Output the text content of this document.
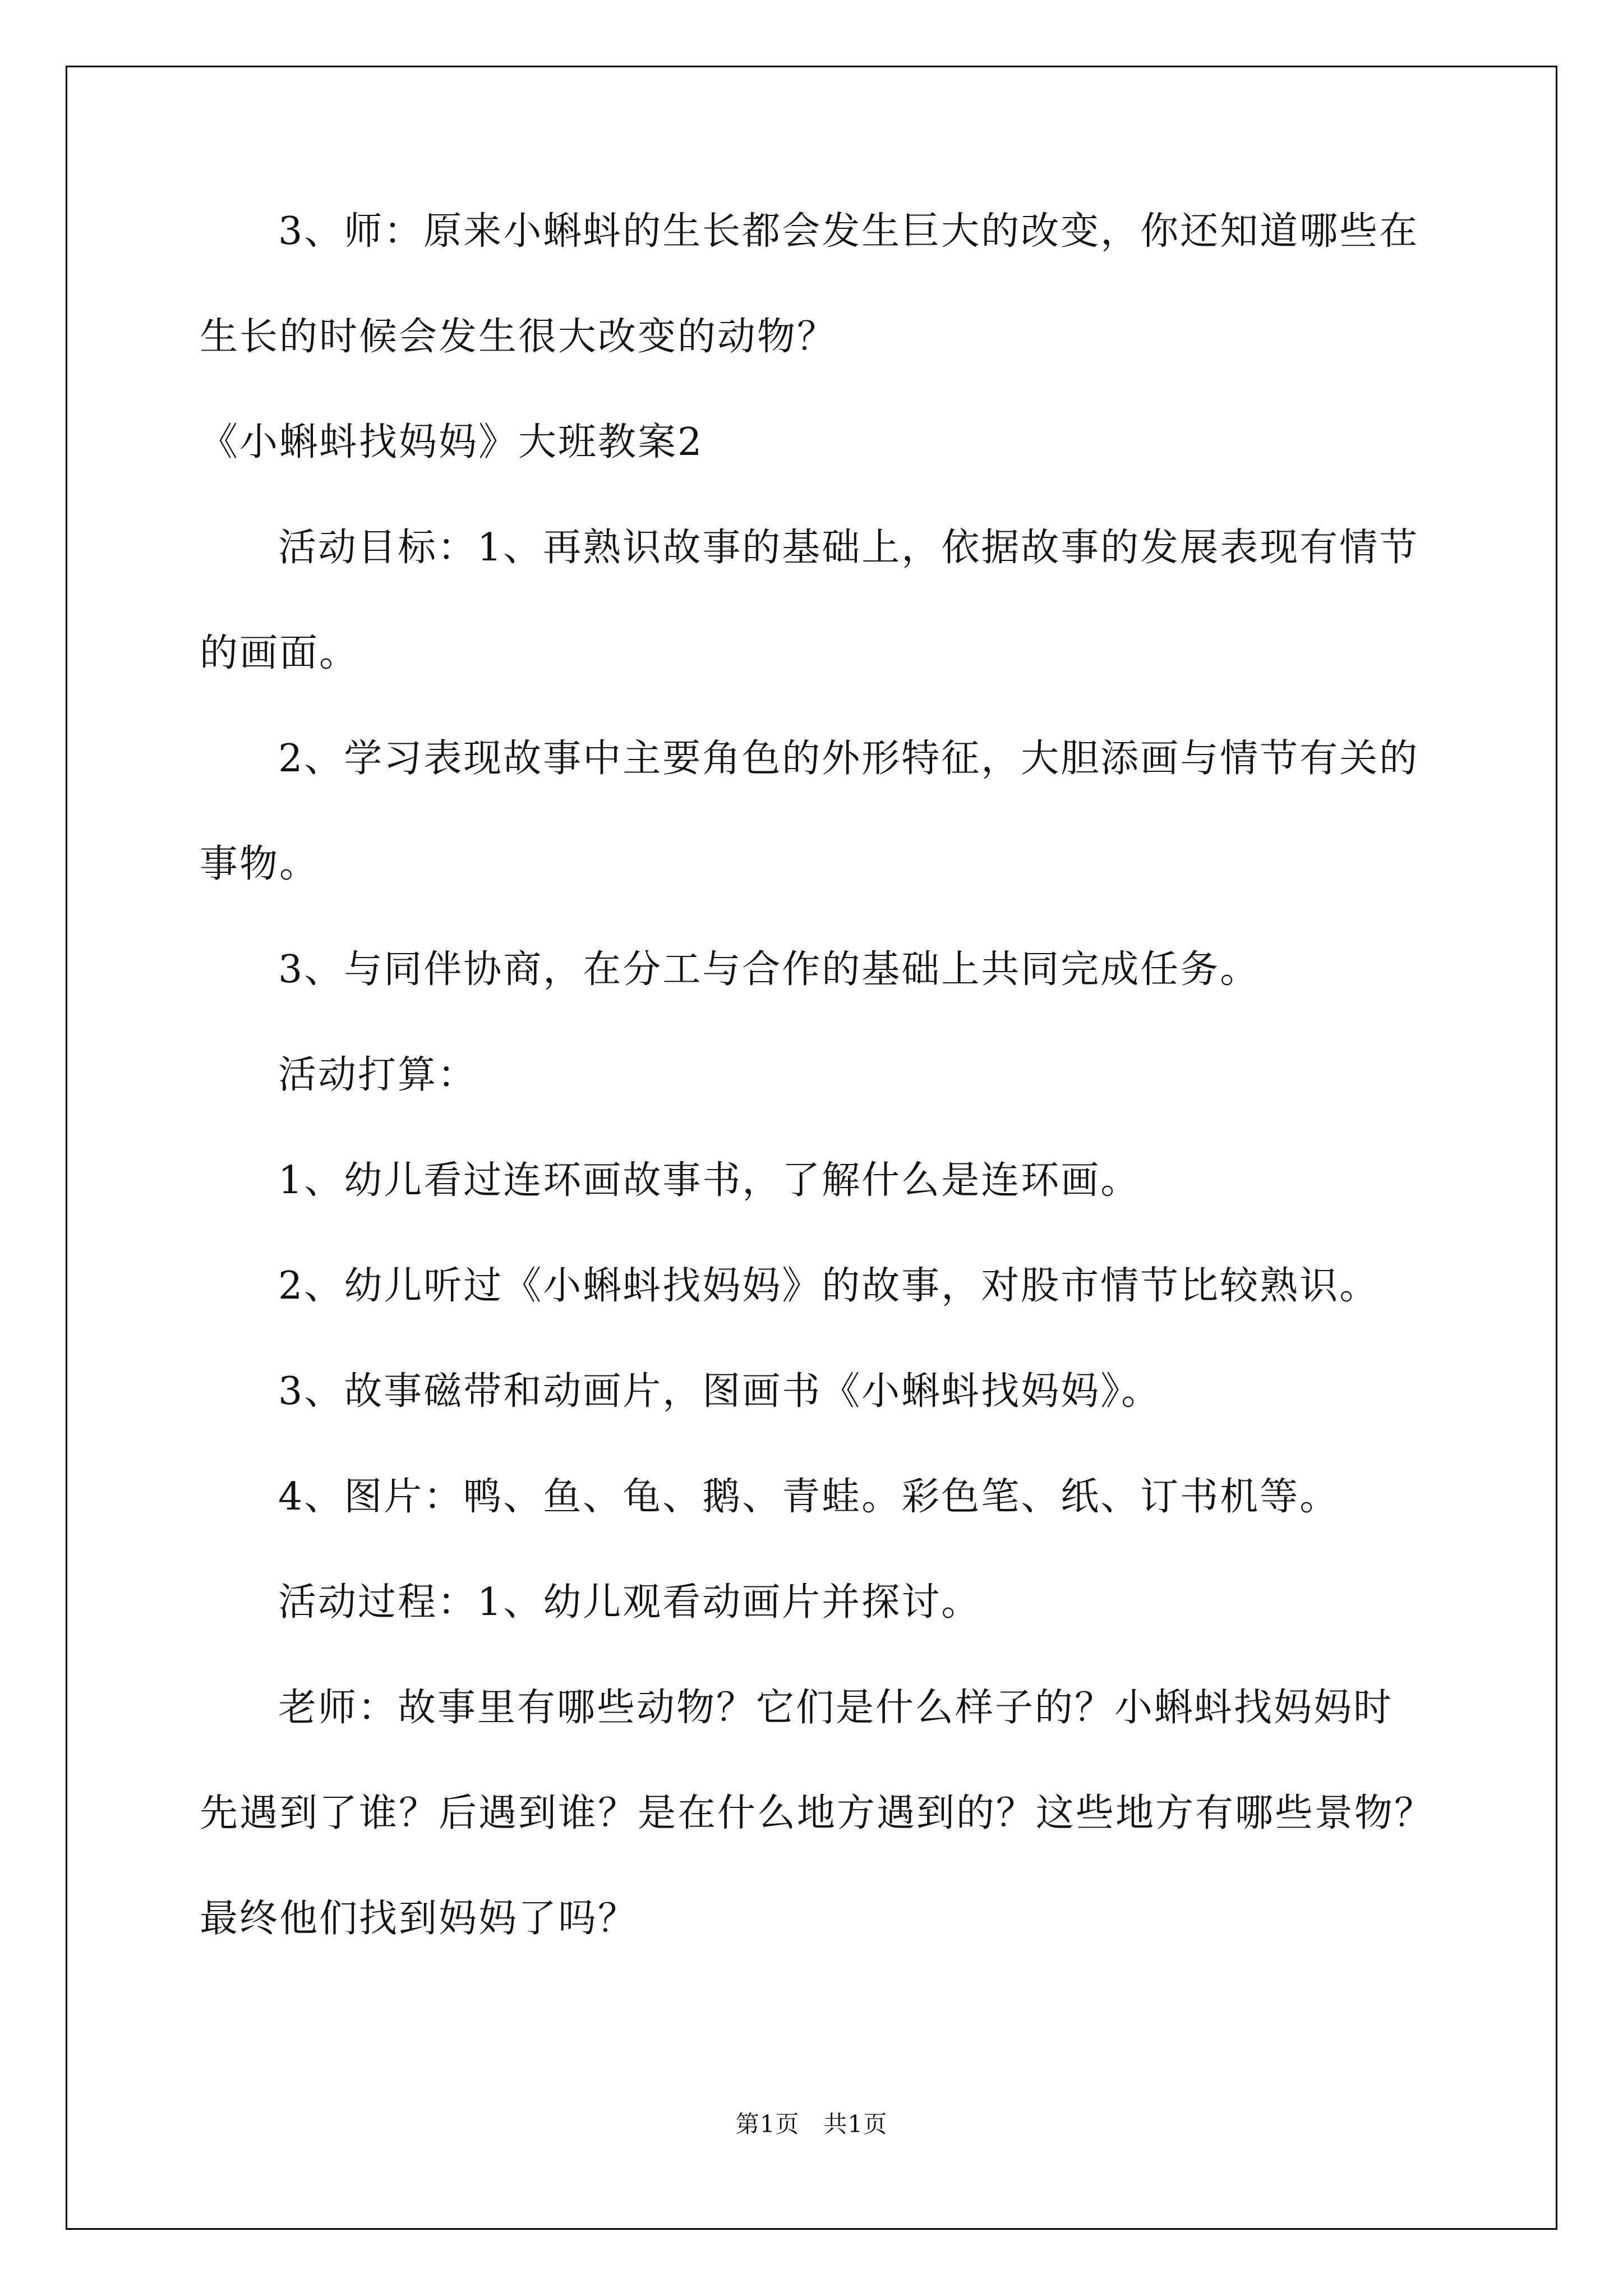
3、师：原来小蝌蚪的生长都会发生巨大的改变，你还知道哪些在
生长的时候会发生很大改变的动物？
《小蝌蚪找妈妈》大班教案2
活动目标：1、再熟识故事的基础上，依据故事的发展表现有情节
的画面。
2、学习表现故事中主要角色的外形特征，大胆添画与情节有关的
事物。
3、与同伴协商，在分工与合作的基础上共同完成任务。
活动打算：
1、幼儿看过连环画故事书，了解什么是连环画。
2、幼儿听过《小蝌蚪找妈妈》的故事，对股市情节比较熟识。
3、故事磁带和动画片，图画书《小蝌蚪找妈妈》。
4、图片：鸭、鱼、龟、鹅、青蛙。彩色笔、纸、订书机等。
活动过程：1、幼儿观看动画片并探讨。
老师：故事里有哪些动物？它们是什么样子的？小蝌蚪找妈妈时
先遇到了谁？后遇到谁？是在什么地方遇到的？这些地方有哪些景物？
最终他们找到妈妈了吗？
第1页　共1页
